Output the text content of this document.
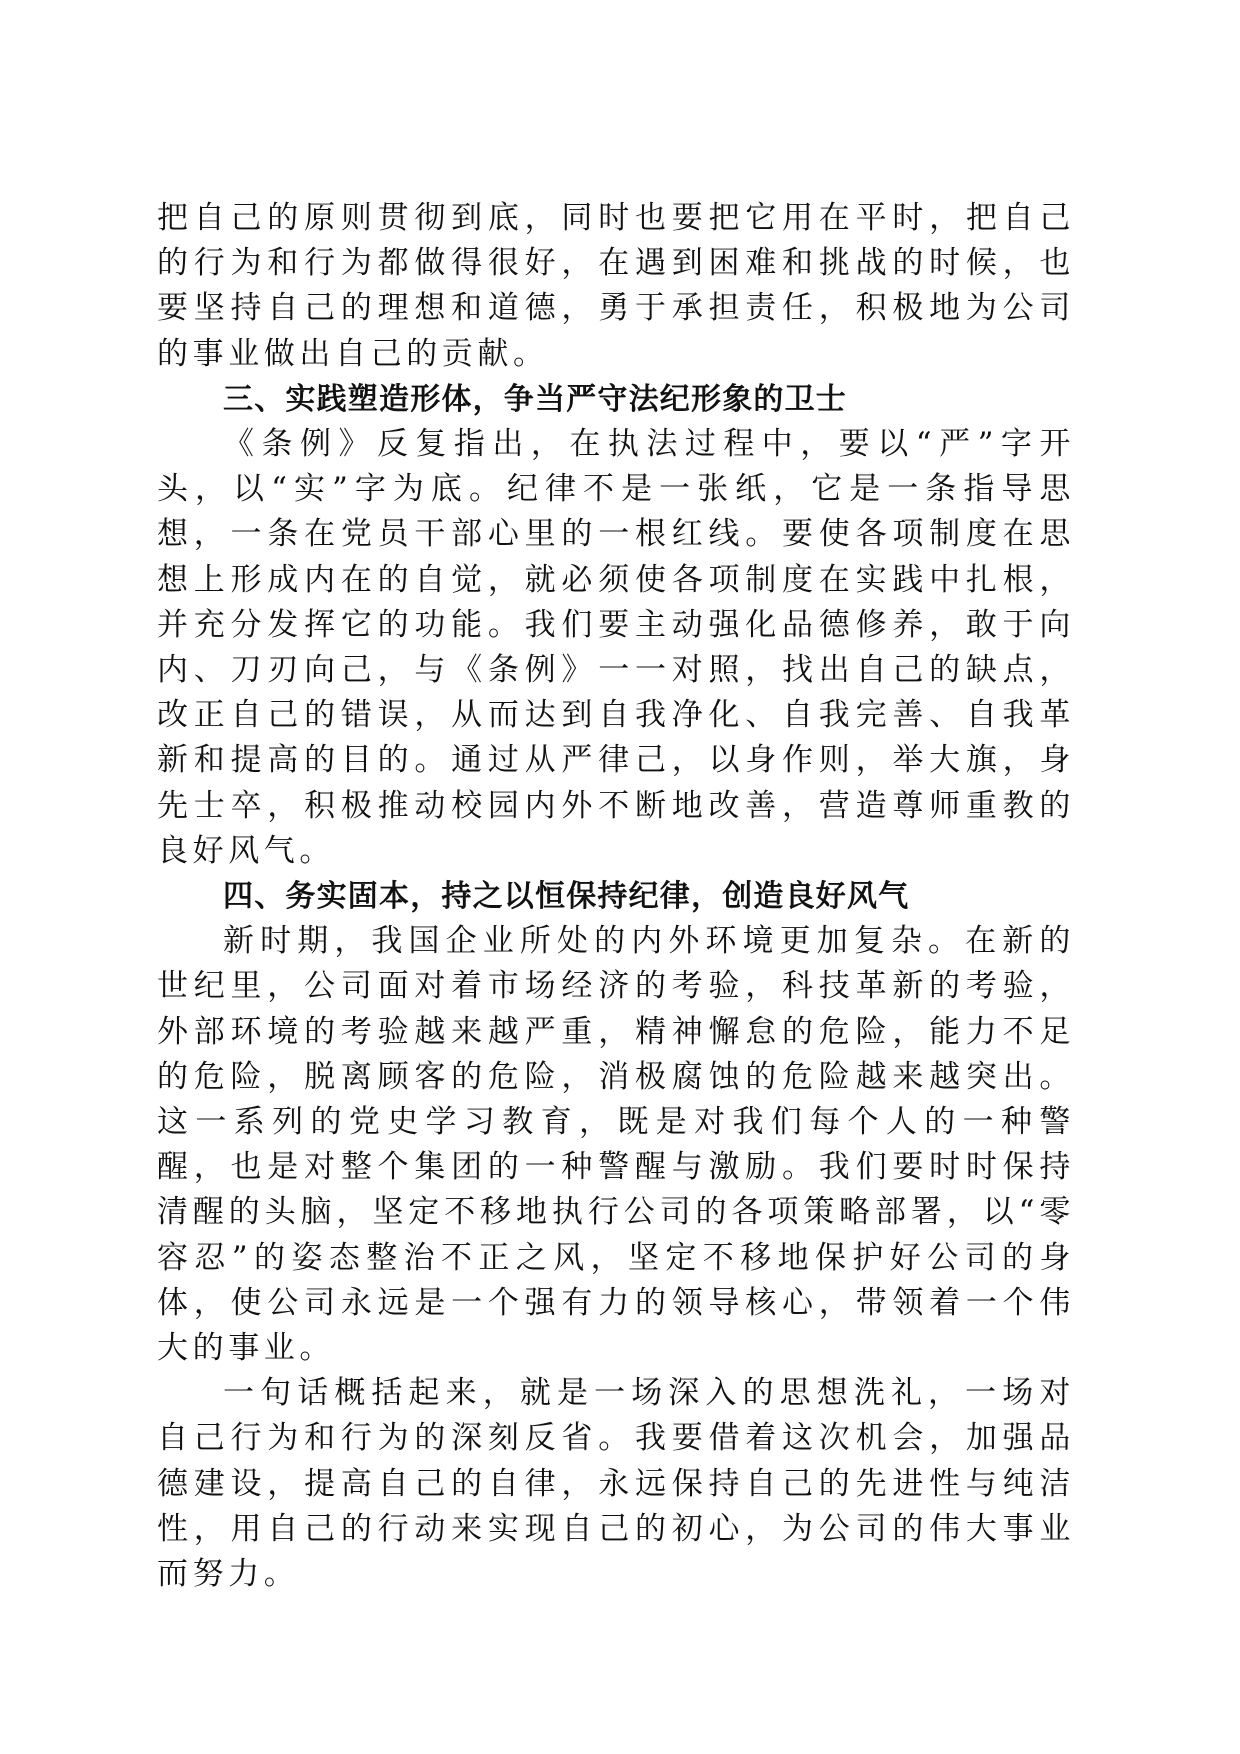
把自己的原则贯彻到底，同时也要把它用在平时，把自己的行为和行为都做得很好，在遇到困难和挑战的时候，也要坚持自己的理想和道德，勇于承担责任，积极地为公司的事业做出自己的贡献。

三、实践塑造形体，争当严守法纪形象的卫士

《条例》反复指出，在执法过程中，要以“严”字开头，以“实”字为底。纪律不是一张纸，它是一条指导思想，一条在党员干部心里的一根红线。要使各项制度在思想上形成内在的自觉，就必须使各项制度在实践中扎根，并充分发挥它的功能。我们要主动强化品德修养，敢于向内、刀刃向己，与《条例》一一对照，找出自己的缺点，改正自己的错误，从而达到自我净化、自我完善、自我革新和提高的目的。通过从严律己，以身作则，举大旗，身先士卒，积极推动校园内外不断地改善，营造尊师重教的良好风气。

四、务实固本，持之以恒保持纪律，创造良好风气

新时期，我国企业所处的内外环境更加复杂。在新的世纪里，公司面对着市场经济的考验，科技革新的考验，外部环境的考验越来越严重，精神懈怠的危险，能力不足的危险，脱离顾客的危险，消极腐蚀的危险越来越突出。这一系列的党史学习教育，既是对我们每个人的一种警醒，也是对整个集团的一种警醒与激励。我们要时时保持清醒的头脑，坚定不移地执行公司的各项策略部署，以“零容忍”的姿态整治不正之风，坚定不移地保护好公司的身体，使公司永远是一个强有力的领导核心，带领着一个伟大的事业。

一句话概括起来，就是一场深入的思想洗礼，一场对自己行为和行为的深刻反省。我要借着这次机会，加强品德建设，提高自己的自律，永远保持自己的先进性与纯洁性，用自己的行动来实现自己的初心，为公司的伟大事业而努力。
